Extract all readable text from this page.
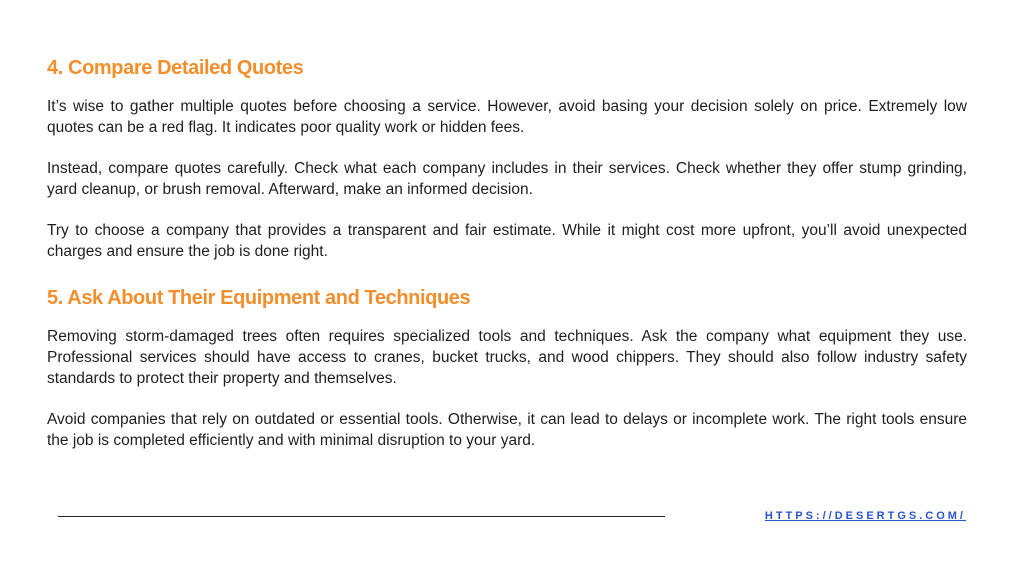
4. Compare Detailed Quotes

It’s wise to gather multiple quotes before choosing a service. However, avoid basing your decision solely on price. Extremely low quotes can be a red flag. It indicates poor quality work or hidden fees.

Instead, compare quotes carefully. Check what each company includes in their services. Check whether they offer stump grinding, yard cleanup, or brush removal. Afterward, make an informed decision.

Try to choose a company that provides a transparent and fair estimate. While it might cost more upfront, you’ll avoid unexpected charges and ensure the job is done right.

5. Ask About Their Equipment and Techniques

Removing storm-damaged trees often requires specialized tools and techniques. Ask the company what equipment they use. Professional services should have access to cranes, bucket trucks, and wood chippers. They should also follow industry safety standards to protect their property and themselves.

Avoid companies that rely on outdated or essential tools. Otherwise, it can lead to delays or incomplete work. The right tools ensure the job is completed efficiently and with minimal disruption to your yard.

HTTPS://DESERTGS.COM/
